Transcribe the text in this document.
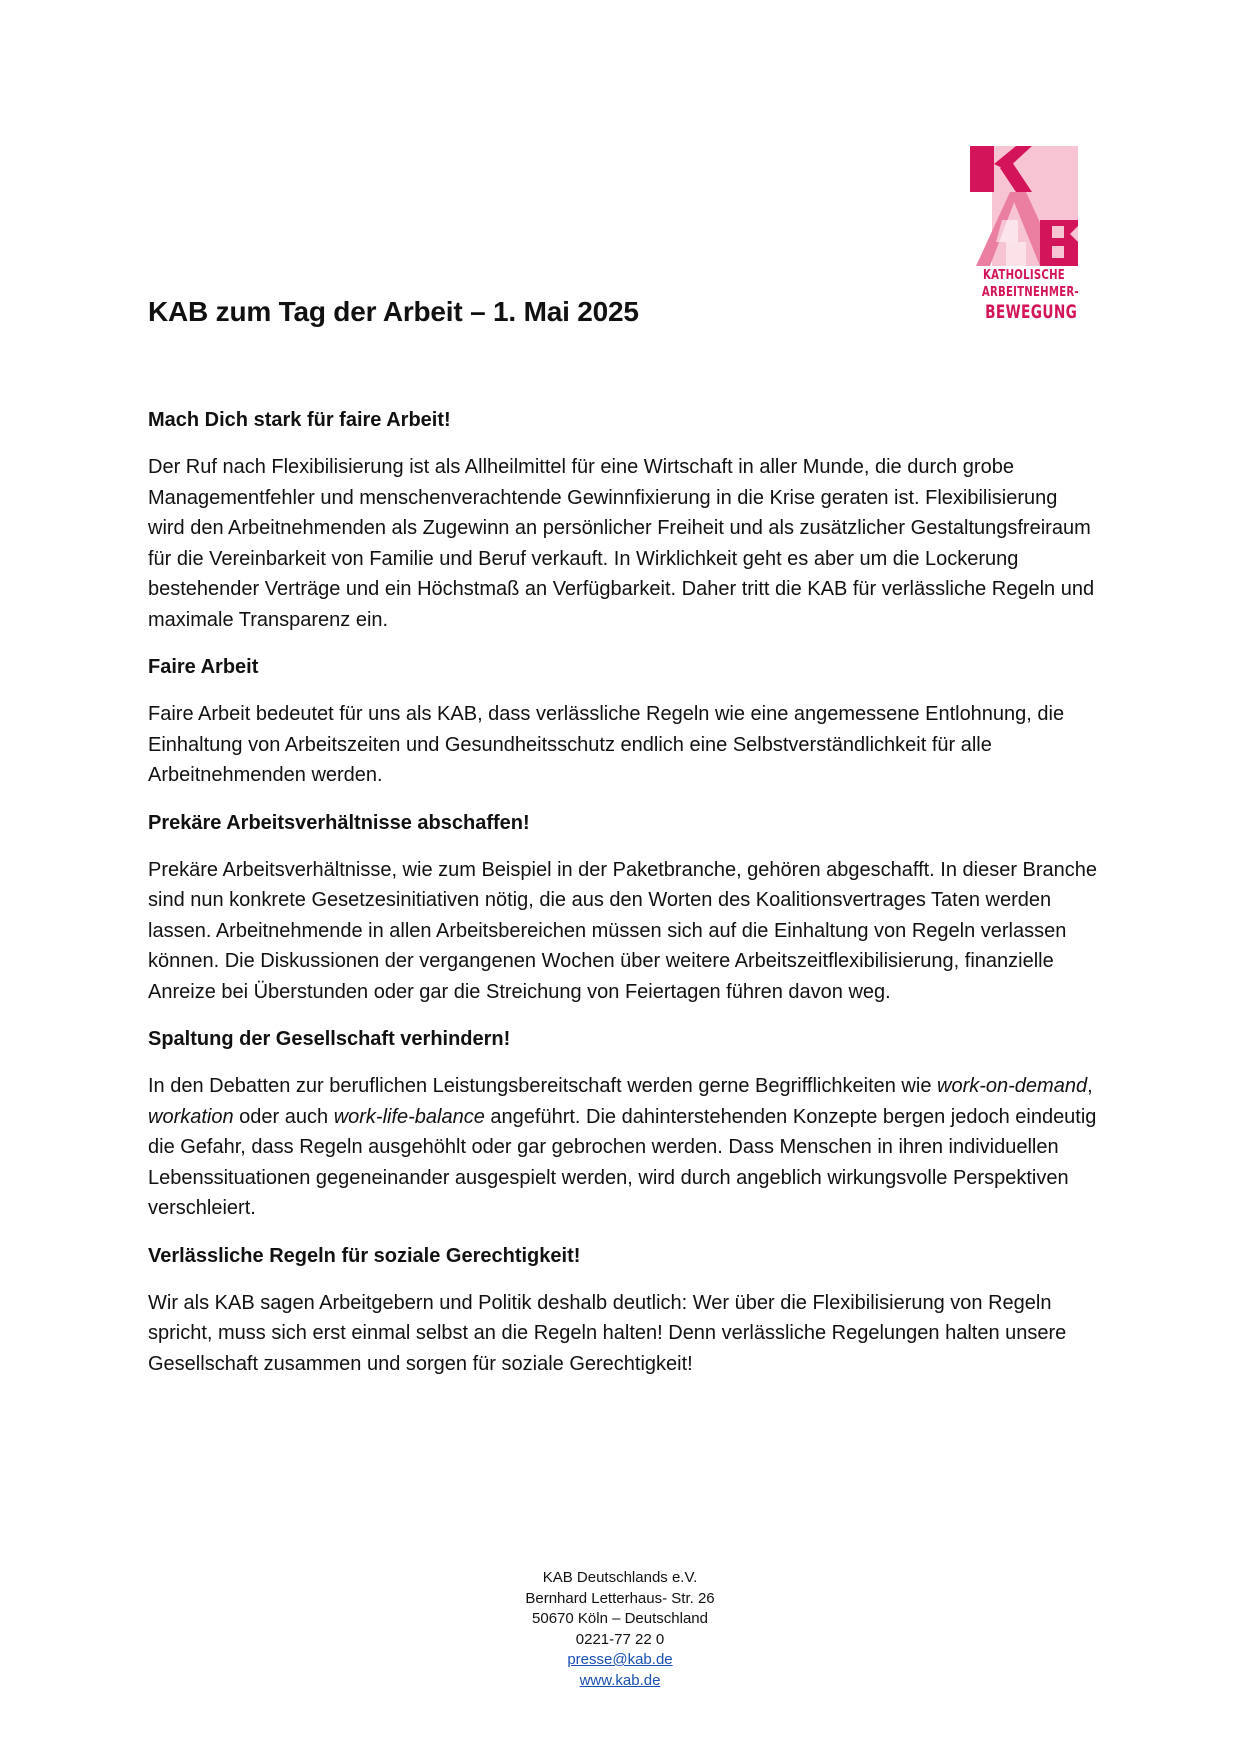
KATHOLISCHE
ARBEITNEHMER-
BEWEGUNG
KAB zum Tag der Arbeit – 1. Mai 2025
Mach Dich stark für faire Arbeit!

Der Ruf nach Flexibilisierung ist als Allheilmittel für eine Wirtschaft in aller Munde, die durch grobe Managementfehler und menschenverachtende Gewinnfixierung in die Krise geraten ist. Flexibilisierung wird den Arbeitnehmenden als Zugewinn an persönlicher Freiheit und als zusätzlicher Gestaltungsfreiraum für die Vereinbarkeit von Familie und Beruf verkauft. In Wirklichkeit geht es aber um die Lockerung bestehender Verträge und ein Höchstmaß an Verfügbarkeit. Daher tritt die KAB für verlässliche Regeln und maximale Transparenz ein.

Faire Arbeit

Faire Arbeit bedeutet für uns als KAB, dass verlässliche Regeln wie eine angemessene Entlohnung, die Einhaltung von Arbeitszeiten und Gesundheitsschutz endlich eine Selbstverständlichkeit für alle Arbeitnehmenden werden.

Prekäre Arbeitsverhältnisse abschaffen!

Prekäre Arbeitsverhältnisse, wie zum Beispiel in der Paketbranche, gehören abgeschafft. In dieser Branche sind nun konkrete Gesetzesinitiativen nötig, die aus den Worten des Koalitionsvertrages Taten werden lassen. Arbeitnehmende in allen Arbeitsbereichen müssen sich auf die Einhaltung von Regeln verlassen können. Die Diskussionen der vergangenen Wochen über weitere Arbeitszeitflexibilisierung, finanzielle Anreize bei Überstunden oder gar die Streichung von Feiertagen führen davon weg.

Spaltung der Gesellschaft verhindern!

In den Debatten zur beruflichen Leistungsbereitschaft werden gerne Begrifflichkeiten wie work-on-demand, workation oder auch work-life-balance angeführt. Die dahinterstehenden Konzepte bergen jedoch eindeutig die Gefahr, dass Regeln ausgehöhlt oder gar gebrochen werden. Dass Menschen in ihren individuellen Lebenssituationen gegeneinander ausgespielt werden, wird durch angeblich wirkungsvolle Perspektiven verschleiert.

Verlässliche Regeln für soziale Gerechtigkeit!

Wir als KAB sagen Arbeitgebern und Politik deshalb deutlich: Wer über die Flexibilisierung von Regeln spricht, muss sich erst einmal selbst an die Regeln halten! Denn verlässliche Regelungen halten unsere Gesellschaft zusammen und sorgen für soziale Gerechtigkeit!

KAB Deutschlands e.V.
Bernhard Letterhaus- Str. 26
50670 Köln – Deutschland
0221-77 22 0
presse@kab.de
www.kab.de
